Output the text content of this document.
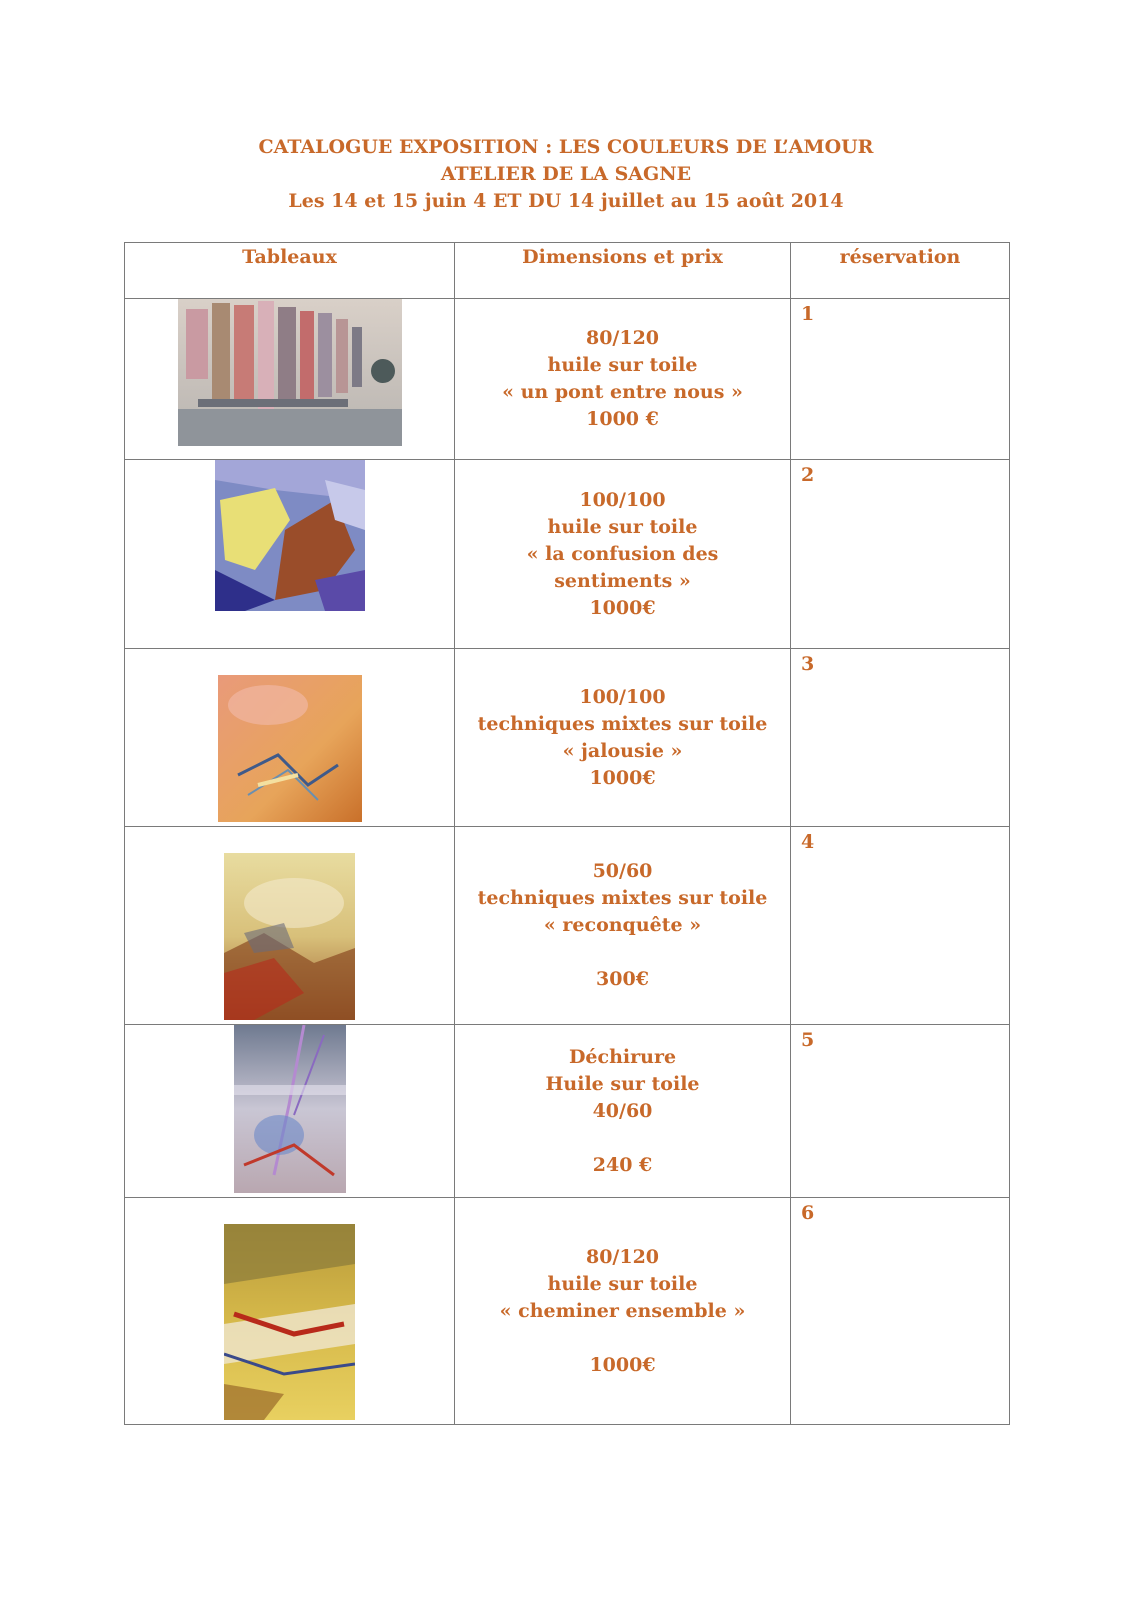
CATALOGUE EXPOSITION : LES COULEURS DE L’AMOUR
ATELIER DE LA SAGNE
Les 14 et 15 juin 4 ET DU 14 juillet au 15 août 2014
Tableaux	Dimensions et prix	réservation

80/120
huile sur toile
« un pont entre nous »
1000 €	1

100/100
huile sur toile
« la confusion des
sentiments »
1000€	2

100/100
techniques mixtes sur toile
« jalousie »
1000€	3

50/60
techniques mixtes sur toile
« reconquête »
300€	4

Déchirure
Huile sur toile
40/60
240 €	5

80/120
huile sur toile
« cheminer ensemble »
1000€	6
